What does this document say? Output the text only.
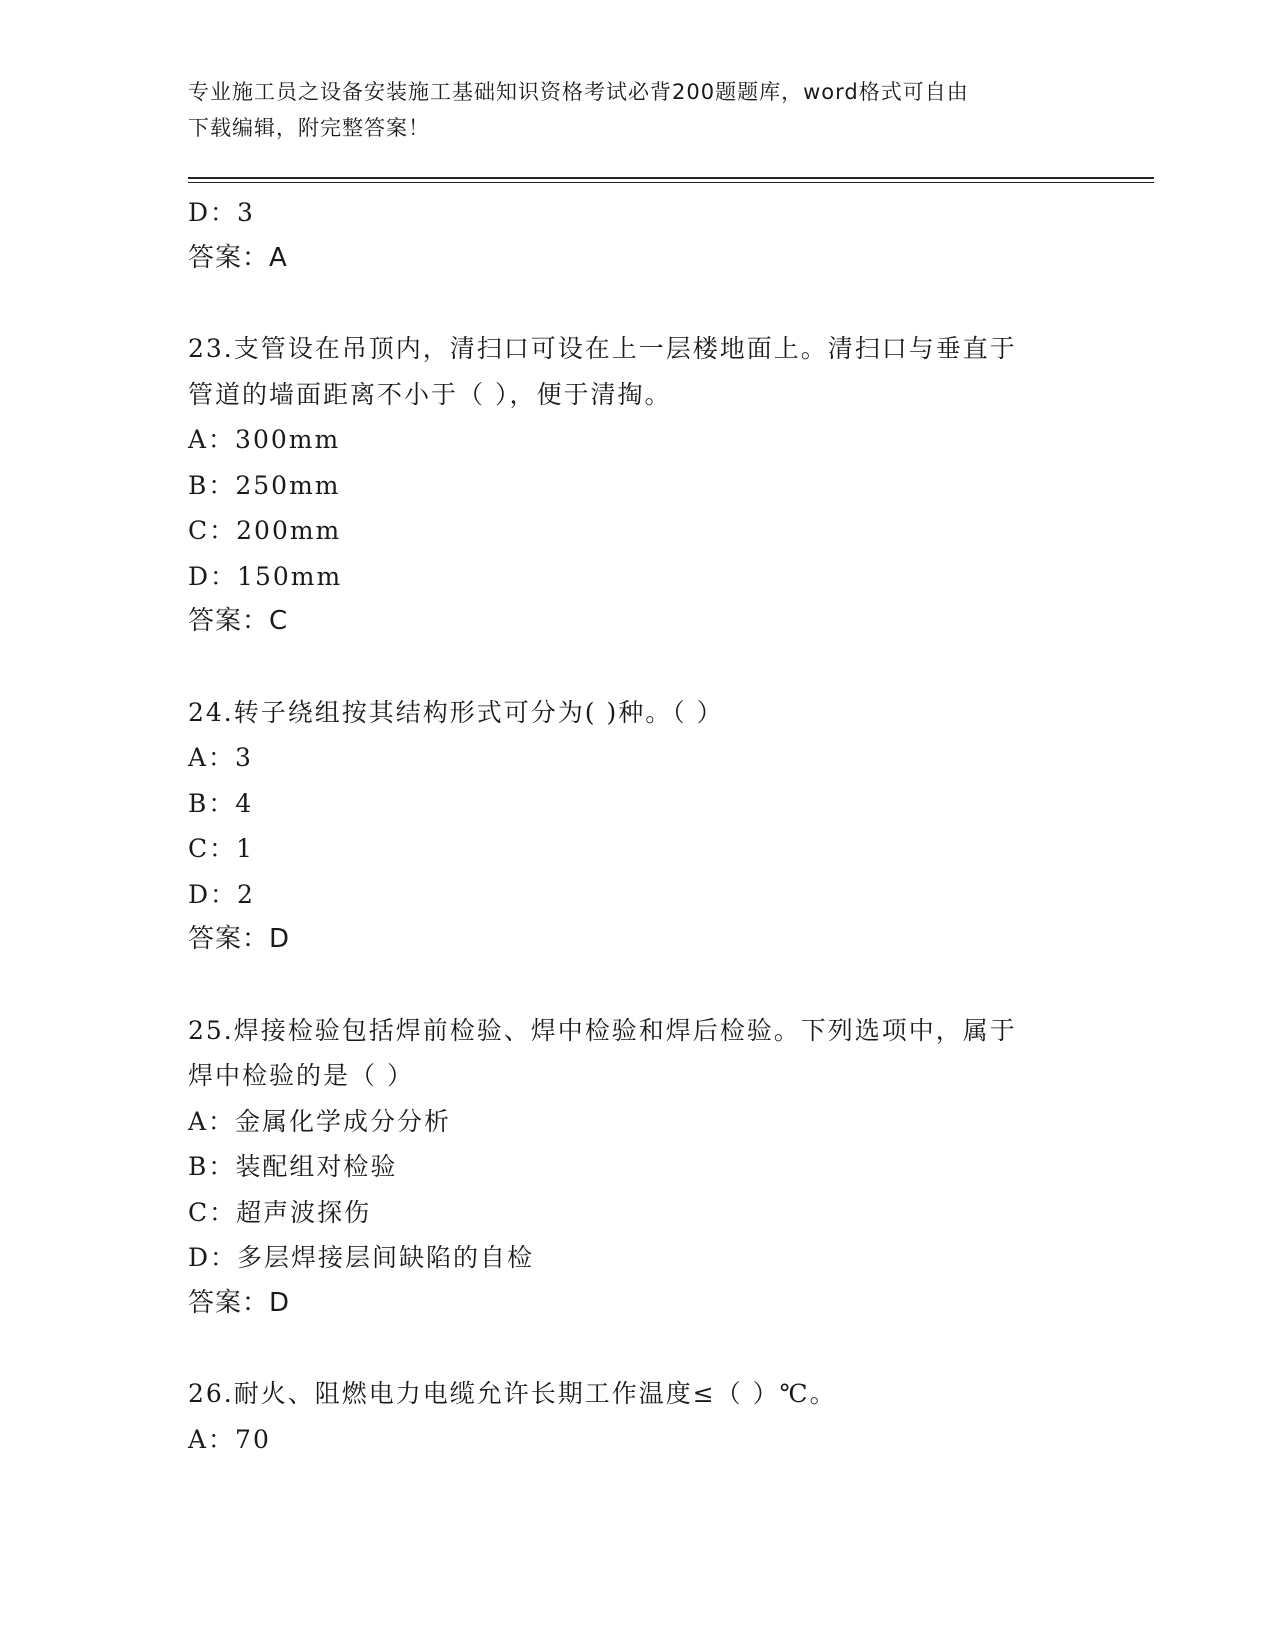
专业施工员之设备安装施工基础知识资格考试必背200题题库，word格式可自由
下载编辑，附完整答案！
D：3
答案：A
23.支管设在吊顶内，清扫口可设在上一层楼地面上。清扫口与垂直于
管道的墙面距离不小于（ ），便于清掏。
A：300mm
B：250mm
C：200mm
D：150mm
答案：C
24.转子绕组按其结构形式可分为( )种。（ ）
A：3
B：4
C：1
D：2
答案：D
25.焊接检验包括焊前检验、焊中检验和焊后检验。下列选项中，属于
焊中检验的是（ ）
A：金属化学成分分析
B：装配组对检验
C：超声波探伤
D：多层焊接层间缺陷的自检
答案：D
26.耐火、阻燃电力电缆允许长期工作温度≤（ ）℃。
A：70
